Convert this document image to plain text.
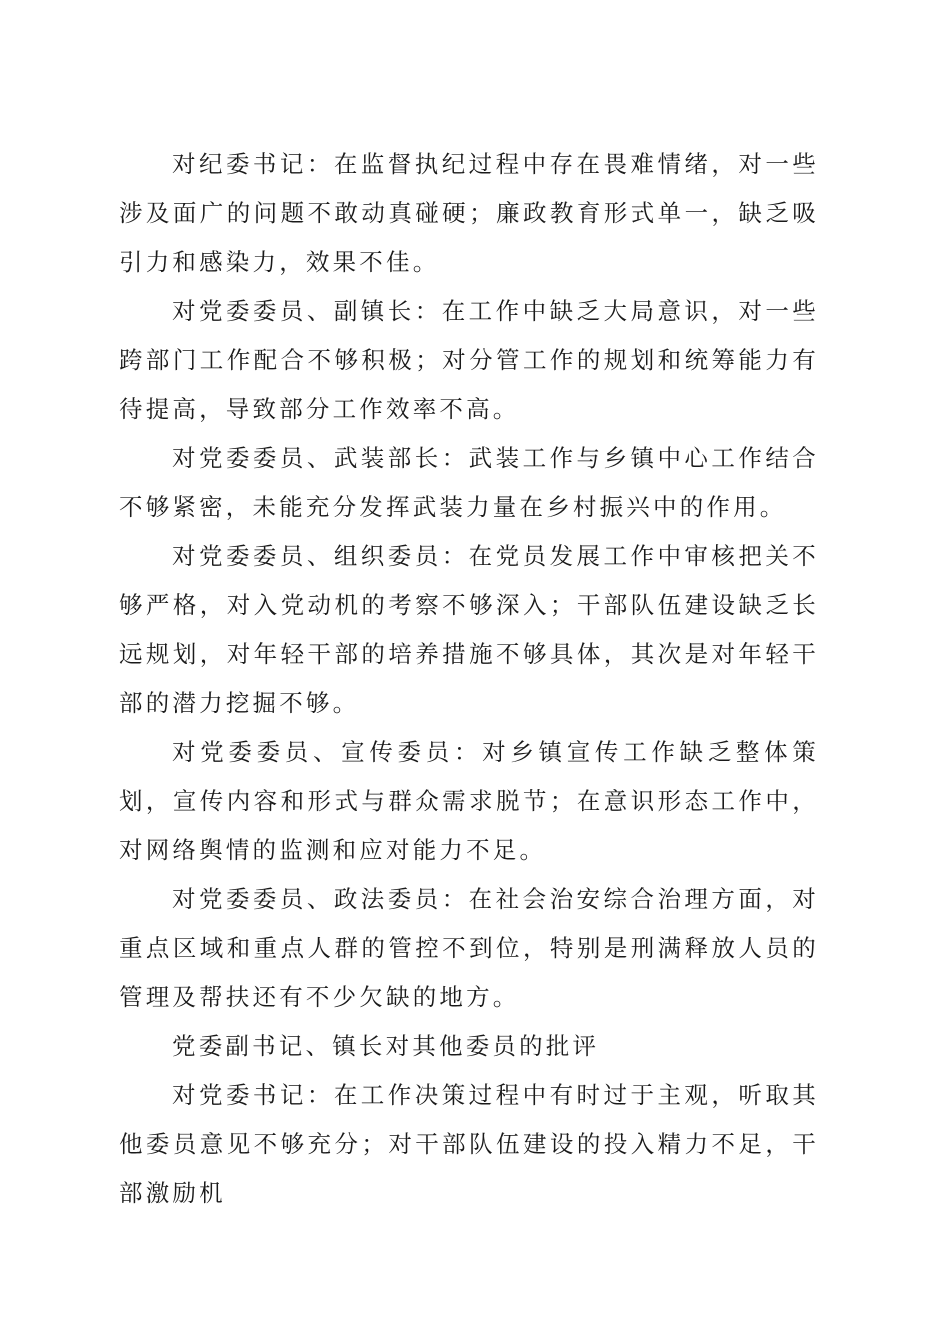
对纪委书记：在监督执纪过程中存在畏难情绪，对一些涉及面广的问题不敢动真碰硬；廉政教育形式单一，缺乏吸引力和感染力，效果不佳。

对党委委员、副镇长：在工作中缺乏大局意识，对一些跨部门工作配合不够积极；对分管工作的规划和统筹能力有待提高，导致部分工作效率不高。

对党委委员、武装部长：武装工作与乡镇中心工作结合不够紧密，未能充分发挥武装力量在乡村振兴中的作用。

对党委委员、组织委员：在党员发展工作中审核把关不够严格，对入党动机的考察不够深入；干部队伍建设缺乏长远规划，对年轻干部的培养措施不够具体，其次是对年轻干部的潜力挖掘不够。

对党委委员、宣传委员：对乡镇宣传工作缺乏整体策划，宣传内容和形式与群众需求脱节；在意识形态工作中，对网络舆情的监测和应对能力不足。

对党委委员、政法委员：在社会治安综合治理方面，对重点区域和重点人群的管控不到位，特别是刑满释放人员的管理及帮扶还有不少欠缺的地方。

党委副书记、镇长对其他委员的批评

对党委书记：在工作决策过程中有时过于主观，听取其他委员意见不够充分；对干部队伍建设的投入精力不足，干部激励机
